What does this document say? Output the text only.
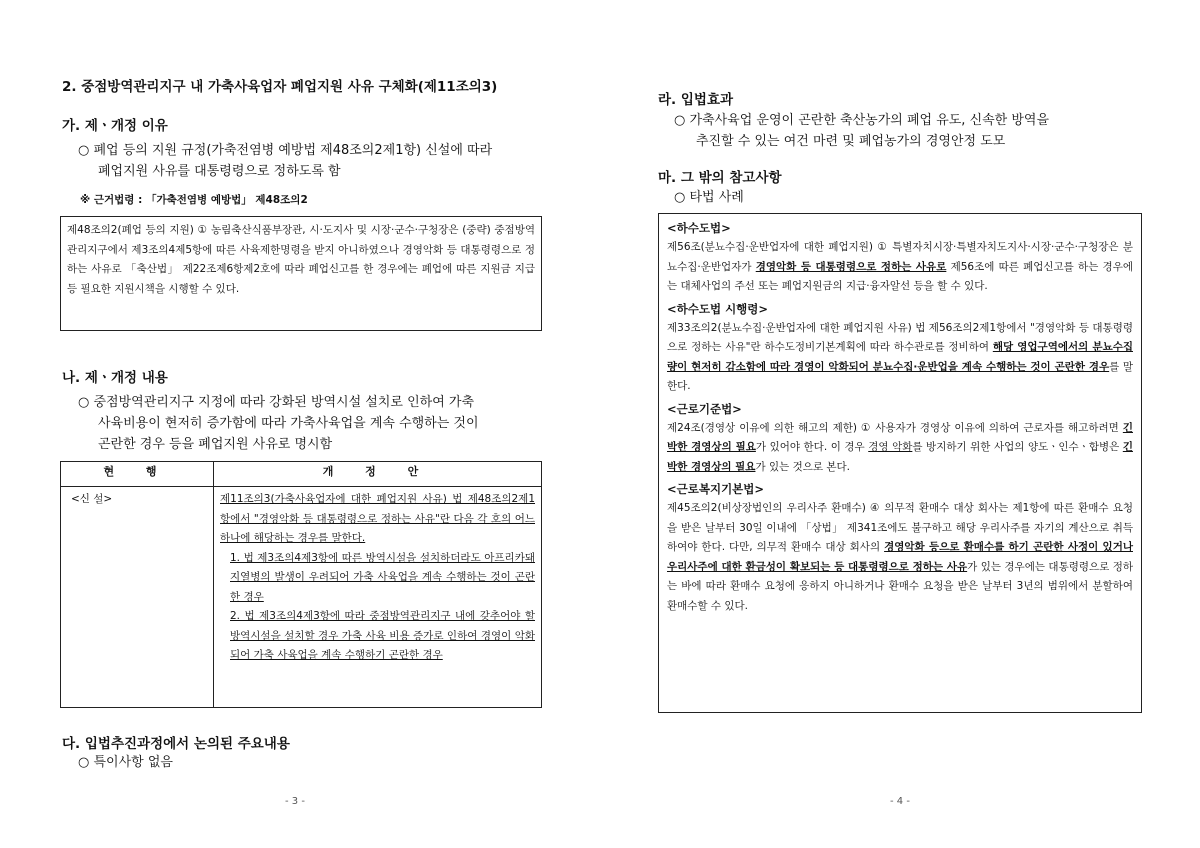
2. 중점방역관리지구 내 가축사육업자 폐업지원 사유 구체화(제11조의3)
가. 제ㆍ개정 이유
○ 폐업 등의 지원 규정(가축전염병 예방법 제48조의2제1항) 신설에 따라
폐업지원 사유를 대통령령으로 정하도록 함
※ 근거법령 : 「가축전염병 예방법」 제48조의2
제48조의2(폐업 등의 지원) ① 농림축산식품부장관, 시·도지사 및 시장·군수·구청장은 (중략) 중점방역관리지구에서 제3조의4제5항에 따른 사육제한명령을 받지 아니하였으나 경영악화 등 대통령령으로 정하는 사유로 「축산법」 제22조제6항제2호에 따라 폐업신고를 한 경우에는 폐업에 따른 지원금 지급 등 필요한 지원시책을 시행할 수 있다.
나. 제ㆍ개정 내용
○ 중점방역관리지구 지정에 따라 강화된 방역시설 설치로 인하여 가축
사육비용이 현저히 증가함에 따라 가축사육업을 계속 수행하는 것이
곤란한 경우 등을 폐업지원 사유로 명시함
현 행	개 정 안
<신 설>	제11조의3(가축사육업자에 대한 폐업지원 사유) 법 제48조의2제1항에서 "경영악화 등 대통령령으로 정하는 사유"란 다음 각 호의 어느 하나에 해당하는 경우를 말한다.
1. 법 제3조의4제3항에 따른 방역시설을 설치하더라도 아프리카돼지열병의 발생이 우려되어 가축 사육업을 계속 수행하는 것이 곤란한 경우
2. 법 제3조의4제3항에 따라 중점방역관리지구 내에 갖추어야 할 방역시설을 설치할 경우 가축 사육 비용 증가로 인하여 경영이 악화되어 가축 사육업을 계속 수행하기 곤란한 경우
다. 입법추진과정에서 논의된 주요내용
○ 특이사항 없음
- 3 -
라. 입법효과
○ 가축사육업 운영이 곤란한 축산농가의 폐업 유도, 신속한 방역을
추진할 수 있는 여건 마련 및 폐업농가의 경영안정 도모
마. 그 밖의 참고사항
○ 타법 사례
<하수도법>
제56조(분뇨수집·운반업자에 대한 폐업지원) ① 특별자치시장·특별자치도지사·시장·군수·구청장은 분뇨수집·운반업자가 경영악화 등 대통령령으로 정하는 사유로 제56조에 따른 폐업신고를 하는 경우에는 대체사업의 주선 또는 폐업지원금의 지급·융자알선 등을 할 수 있다.
<하수도법 시행령>
제33조의2(분뇨수집·운반업자에 대한 폐업지원 사유) 법 제56조의2제1항에서 "경영악화 등 대통령령으로 정하는 사유"란 하수도정비기본계획에 따라 하수관로를 정비하여 해당 영업구역에서의 분뇨수집량이 현저히 감소함에 따라 경영이 악화되어 분뇨수집·운반업을 계속 수행하는 것이 곤란한 경우를 말한다.
<근로기준법>
제24조(경영상 이유에 의한 해고의 제한) ① 사용자가 경영상 이유에 의하여 근로자를 해고하려면 긴박한 경영상의 필요가 있어야 한다. 이 경우 경영 악화를 방지하기 위한 사업의 양도ㆍ인수ㆍ합병은 긴박한 경영상의 필요가 있는 것으로 본다.
<근로복지기본법>
제45조의2(비상장법인의 우리사주 환매수) ④ 의무적 환매수 대상 회사는 제1항에 따른 환매수 요청을 받은 날부터 30일 이내에 「상법」 제341조에도 불구하고 해당 우리사주를 자기의 계산으로 취득하여야 한다. 다만, 의무적 환매수 대상 회사의 경영악화 등으로 환매수를 하기 곤란한 사정이 있거나 우리사주에 대한 환금성이 확보되는 등 대통령령으로 정하는 사유가 있는 경우에는 대통령령으로 정하는 바에 따라 환매수 요청에 응하지 아니하거나 환매수 요청을 받은 날부터 3년의 범위에서 분할하여 환매수할 수 있다.
- 4 -
